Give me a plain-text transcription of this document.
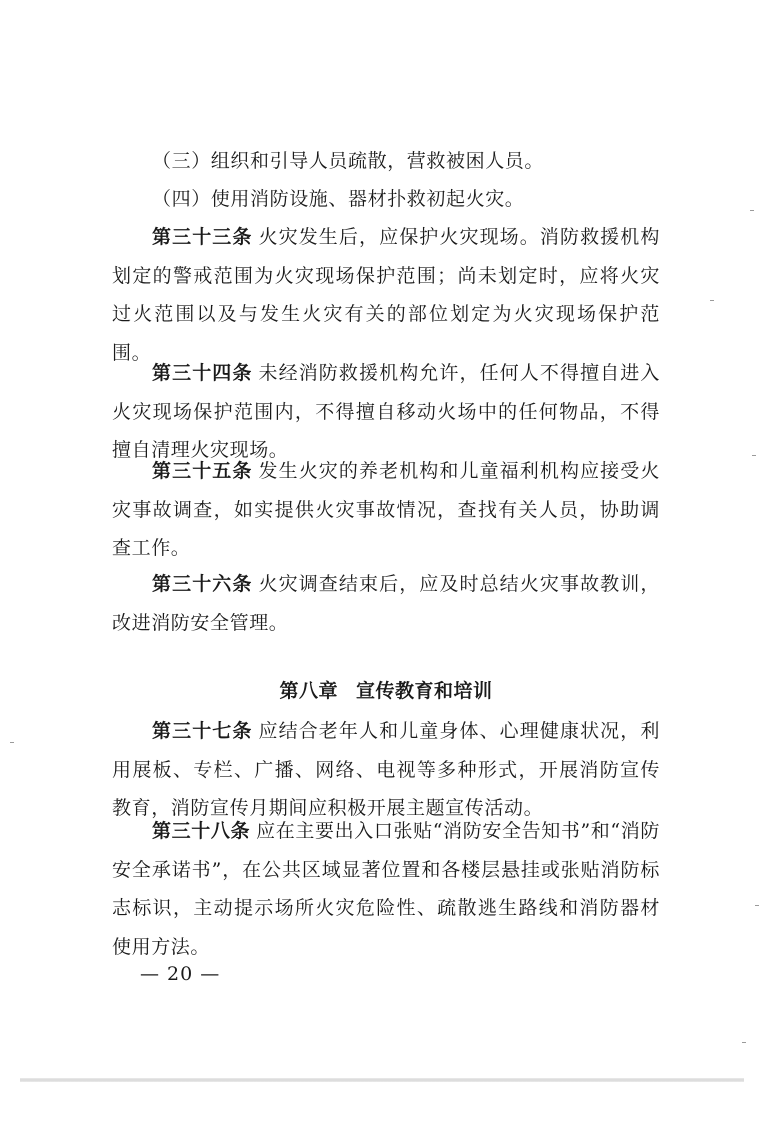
（三）组织和引导人员疏散，营救被困人员。

（四）使用消防设施、器材扑救初起火灾。

第三十三条 火灾发生后，应保护火灾现场。消防救援机构划定的警戒范围为火灾现场保护范围；尚未划定时，应将火灾过火范围以及与发生火灾有关的部位划定为火灾现场保护范围。

第三十四条 未经消防救援机构允许，任何人不得擅自进入火灾现场保护范围内，不得擅自移动火场中的任何物品，不得擅自清理火灾现场。

第三十五条 发生火灾的养老机构和儿童福利机构应接受火灾事故调查，如实提供火灾事故情况，查找有关人员，协助调查工作。

第三十六条 火灾调查结束后，应及时总结火灾事故教训，改进消防安全管理。

第八章 宣传教育和培训

第三十七条 应结合老年人和儿童身体、心理健康状况，利用展板、专栏、广播、网络、电视等多种形式，开展消防宣传教育，消防宣传月期间应积极开展主题宣传活动。

第三十八条 应在主要出入口张贴“消防安全告知书”和“消防安全承诺书”，在公共区域显著位置和各楼层悬挂或张贴消防标志标识，主动提示场所火灾危险性、疏散逃生路线和消防器材使用方法。

— 20 —
